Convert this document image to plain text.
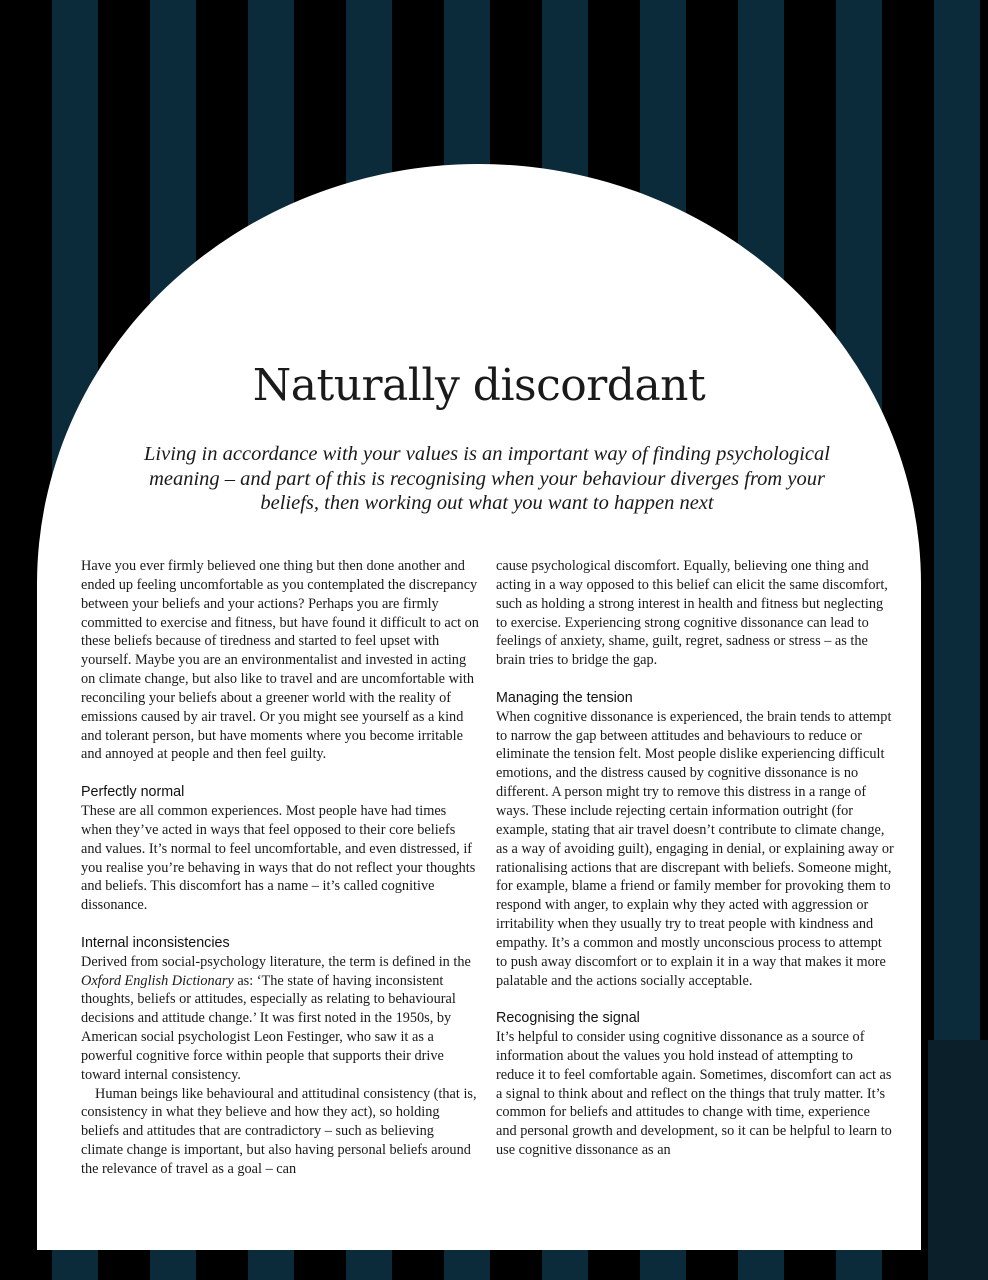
Naturally discordant

Living in accordance with your values is an important way of finding psychological meaning – and part of this is recognising when your behaviour diverges from your beliefs, then working out what you want to happen next

Have you ever firmly believed one thing but then done another and ended up feeling uncomfortable as you contemplated the discrepancy between your beliefs and your actions? Perhaps you are firmly committed to exercise and fitness, but have found it difficult to act on these beliefs because of tiredness and started to feel upset with yourself. Maybe you are an environmentalist and invested in acting on climate change, but also like to travel and are uncomfortable with reconciling your beliefs about a greener world with the reality of emissions caused by air travel. Or you might see yourself as a kind and tolerant person, but have moments where you become irritable and annoyed at people and then feel guilty.

Perfectly normal

These are all common experiences. Most people have had times when they’ve acted in ways that feel opposed to their core beliefs and values. It’s normal to feel uncomfortable, and even distressed, if you realise you’re behaving in ways that do not reflect your thoughts and beliefs. This discomfort has a name – it’s called cognitive dissonance.

Internal inconsistencies

Derived from social-psychology literature, the term is defined in the Oxford English Dictionary as: ‘The state of having inconsistent thoughts, beliefs or attitudes, especially as relating to behavioural decisions and attitude change.’ It was first noted in the 1950s, by American social psychologist Leon Festinger, who saw it as a powerful cognitive force within people that supports their drive toward internal consistency.

Human beings like behavioural and attitudinal consistency (that is, consistency in what they believe and how they act), so holding beliefs and attitudes that are contradictory – such as believing climate change is important, but also having personal beliefs around the relevance of travel as a goal – can

cause psychological discomfort. Equally, believing one thing and acting in a way opposed to this belief can elicit the same discomfort, such as holding a strong interest in health and fitness but neglecting to exercise. Experiencing strong cognitive dissonance can lead to feelings of anxiety, shame, guilt, regret, sadness or stress – as the brain tries to bridge the gap.

Managing the tension

When cognitive dissonance is experienced, the brain tends to attempt to narrow the gap between attitudes and behaviours to reduce or eliminate the tension felt. Most people dislike experiencing difficult emotions, and the distress caused by cognitive dissonance is no different. A person might try to remove this distress in a range of ways. These include rejecting certain information outright (for example, stating that air travel doesn’t contribute to climate change, as a way of avoiding guilt), engaging in denial, or explaining away or rationalising actions that are discrepant with beliefs. Someone might, for example, blame a friend or family member for provoking them to respond with anger, to explain why they acted with aggression or irritability when they usually try to treat people with kindness and empathy. It’s a common and mostly unconscious process to attempt to push away discomfort or to explain it in a way that makes it more palatable and the actions socially acceptable.

Recognising the signal

It’s helpful to consider using cognitive dissonance as a source of information about the values you hold instead of attempting to reduce it to feel comfortable again. Sometimes, discomfort can act as a signal to think about and reflect on the things that truly matter. It’s common for beliefs and attitudes to change with time, experience and personal growth and development, so it can be helpful to learn to use cognitive dissonance as an
